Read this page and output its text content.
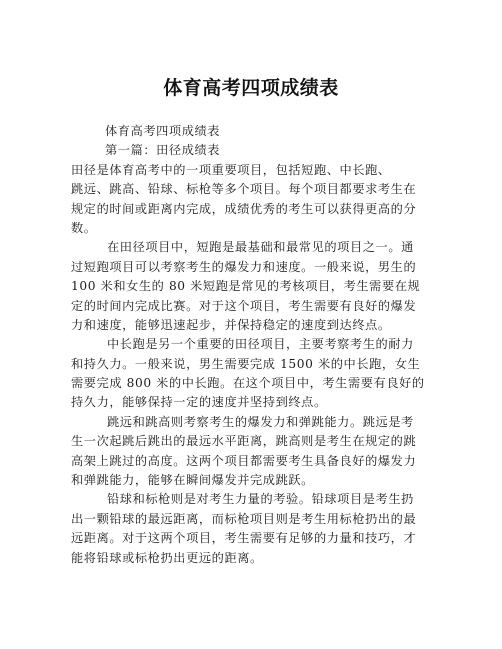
体育高考四项成绩表
体育高考四项成绩表
第一篇：田径成绩表
田径是体育高考中的一项重要项目，包括短跑、中长跑、
跳远、跳高、铅球、标枪等多个项目。每个项目都要求考生在
规定的时间或距离内完成，成绩优秀的考生可以获得更高的分
数。
在田径项目中，短跑是最基础和最常见的项目之一。通
过短跑项目可以考察考生的爆发力和速度。一般来说，男生的
100 米和女生的 80 米短跑是常见的考核项目，考生需要在规
定的时间内完成比赛。对于这个项目，考生需要有良好的爆发
力和速度，能够迅速起步，并保持稳定的速度到达终点。
中长跑是另一个重要的田径项目，主要考察考生的耐力
和持久力。一般来说，男生需要完成 1500 米的中长跑，女生
需要完成 800 米的中长跑。在这个项目中，考生需要有良好的
持久力，能够保持一定的速度并坚持到终点。
跳远和跳高则考察考生的爆发力和弹跳能力。跳远是考
生一次起跳后跳出的最远水平距离，跳高则是考生在规定的跳
高架上跳过的高度。这两个项目都需要考生具备良好的爆发力
和弹跳能力，能够在瞬间爆发并完成跳跃。
铅球和标枪则是对考生力量的考验。铅球项目是考生扔
出一颗铅球的最远距离，而标枪项目则是考生用标枪扔出的最
远距离。对于这两个项目，考生需要有足够的力量和技巧，才
能将铅球或标枪扔出更远的距离。
